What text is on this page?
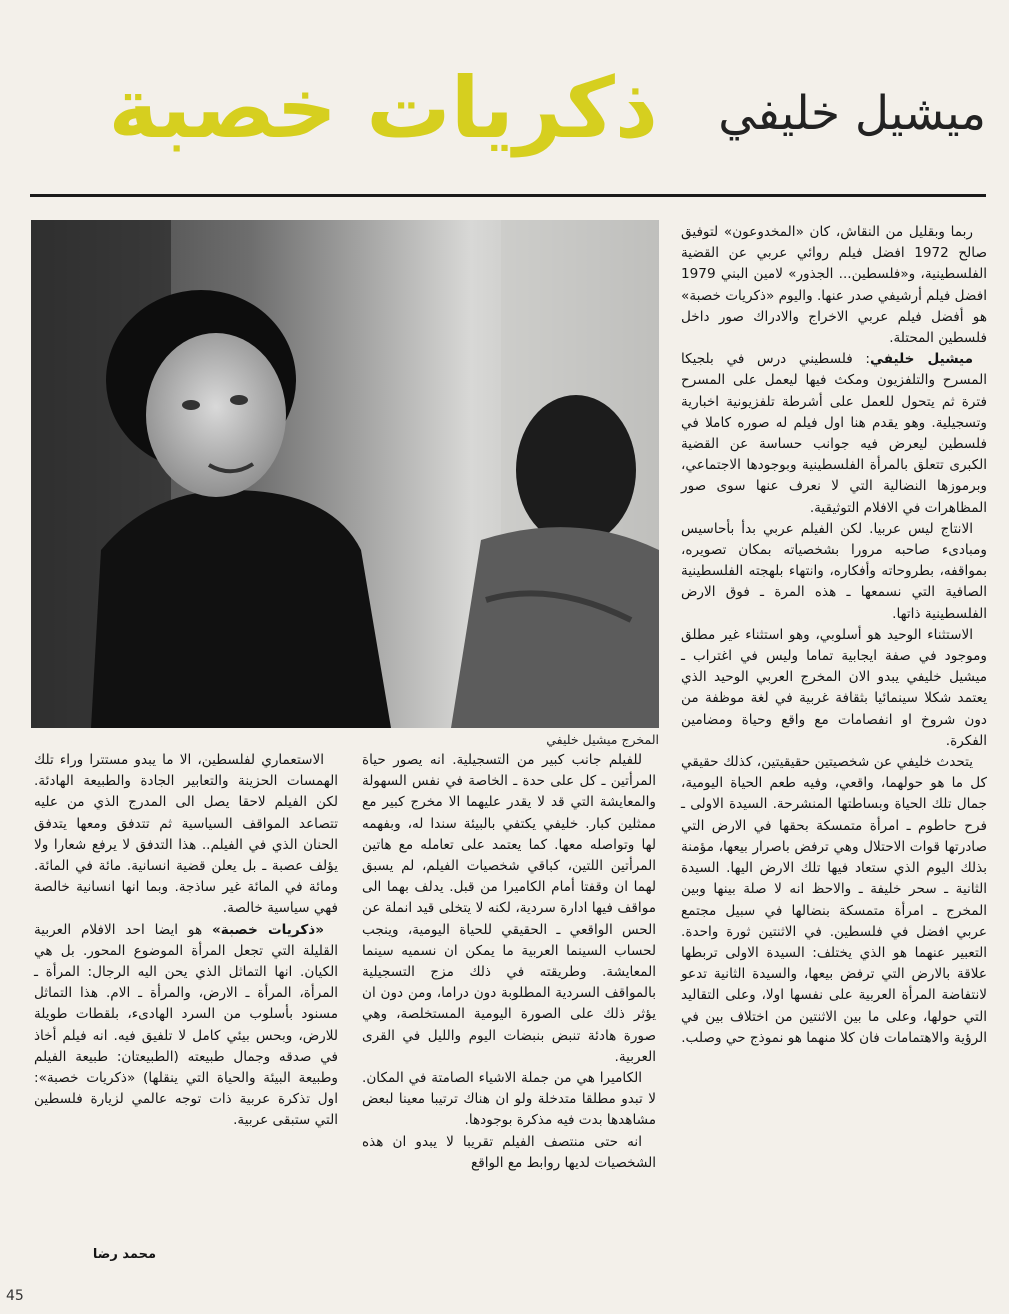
ذكريات خصبة	ميشيل خليفي

ربما وبقليل من النقاش، كان «المخدوعون» لتوفيق صالح 1972 افضل فيلم روائي عربي عن القضية الفلسطينية، و«فلسطين... الجذور» لامين البني 1979 افضل فيلم أرشيفي صدر عنها. واليوم «ذكريات خصبة» هو أفضل فيلم عربي الاخراج والادراك صور داخل فلسطين المحتلة.

ميشيل خليفي: فلسطيني درس في بلجيكا المسرح والتلفزيون ومكث فيها ليعمل على المسرح فترة ثم يتحول للعمل على أشرطة تلفزيونية اخبارية وتسجيلية. وهو يقدم هنا اول فيلم له صوره كاملا في فلسطين ليعرض فيه جوانب حساسة عن القضية الكبرى تتعلق بالمرأة الفلسطينية وبوجودها الاجتماعي، وبرموزها النضالية التي لا نعرف عنها سوى صور المظاهرات في الافلام التوثيقية.

الانتاج ليس عربيا. لكن الفيلم عربي بدأ بأحاسيس ومبادىء صاحبه مرورا بشخصياته بمكان تصويره، بمواقفه، بطروحاته وأفكاره، وانتهاء بلهجته الفلسطينية الصافية التي نسمعها ـ هذه المرة ـ فوق الارض الفلسطينية ذاتها.

الاستثناء الوحيد هو أسلوبي، وهو استثناء غير مطلق وموجود في صفة ايجابية تماما وليس في اغتراب ـ ميشيل خليفي يبدو الان المخرج العربي الوحيد الذي يعتمد شكلا سينمائيا بثقافة غربية في لغة موظفة من دون شروخ او انفصامات مع واقع وحياة ومضامين الفكرة.

يتحدث خليفي عن شخصيتين حقيقيتين، كذلك حقيقي كل ما هو حولهما، واقعي، وفيه طعم الحياة اليومية، جمال تلك الحياة وبساطتها المنشرحة. السيدة الاولى ـ فرح حاطوم ـ امرأة متمسكة بحقها في الارض التي صادرتها قوات الاحتلال وهي ترفض باصرار بيعها، مؤمنة بذلك اليوم الذي ستعاد فيها تلك الارض اليها. السيدة الثانية ـ سحر خليفة ـ والاحظ انه لا صلة بينها وبين المخرج ـ امرأة متمسكة بنضالها في سبيل مجتمع عربي افضل في فلسطين. في الاثنتين ثورة واحدة. التعبير عنهما هو الذي يختلف: السيدة الاولى تربطها علاقة بالارض التي ترفض بيعها، والسيدة الثانية تدعو لانتفاضة المرأة العربية على نفسها اولا، وعلى التقاليد التي حولها، وعلى ما بين الاثنتين من اختلاف بين في الرؤية والاهتمامات فان كلا منهما هو نموذج حي وصلب.

المخرج ميشيل خليفي

للفيلم جانب كبير من التسجيلية. انه يصور حياة المرأتين ـ كل على حدة ـ الخاصة في نفس السهولة والمعايشة التي قد لا يقدر عليهما الا مخرج كبير مع ممثلين كبار. خليفي يكتفي بالبيئة سندا له، وبفهمه لها وتواصله معها. كما يعتمد على تعامله مع هاتين المرأتين اللتين، كباقي شخصيات الفيلم، لم يسبق لهما ان وقفتا أمام الكاميرا من قبل. يدلف بهما الى مواقف فيها ادارة سردية، لكنه لا يتخلى قيد انملة عن الحس الواقعي ـ الحقيقي للحياة اليومية، وينجب لحساب السينما العربية ما يمكن ان نسميه سينما المعايشة. وطريقته في ذلك مزج التسجيلية بالمواقف السردية المطلوبة دون دراما، ومن دون ان يؤثر ذلك على الصورة اليومية المستخلصة، وهي صورة هادئة تنبض بنبضات اليوم والليل في القرى العربية.

الكاميرا هي من جملة الاشياء الصامتة في المكان. لا تبدو مطلقا متدخلة ولو ان هناك ترتيبا معينا لبعض مشاهدها بدت فيه مذكرة بوجودها.

انه حتى منتصف الفيلم تقريبا لا يبدو ان هذه الشخصيات لديها روابط مع الواقع

الاستعماري لفلسطين، الا ما يبدو مستترا وراء تلك الهمسات الحزينة والتعابير الجادة والطبيعة الهادئة. لكن الفيلم لاحقا يصل الى المدرج الذي من عليه تتصاعد المواقف السياسية ثم تتدفق ومعها يتدفق الحنان الذي في الفيلم.. هذا التدفق لا يرفع شعارا ولا يؤلف عصبة ـ بل يعلن قضية انسانية. مائة في المائة. ومائة في المائة غير ساذجة. وبما انها انسانية خالصة فهي سياسية خالصة.

«ذكريات خصبة» هو ايضا احد الافلام العربية القليلة التي تجعل المرأة الموضوع المحور. بل هي الكيان. انها التماثل الذي يحن اليه الرجال: المرأة ـ المرأة، المرأة ـ الارض، والمرأة ـ الام. هذا التماثل مسنود بأسلوب من السرد الهادىء، بلقطات طويلة للارض، وبحس بيئي كامل لا تلفيق فيه. انه فيلم أخاذ في صدقه وجمال طبيعته (الطبيعتان: طبيعة الفيلم وطبيعة البيئة والحياة التي ينقلها) «ذكريات خصبة»: اول تذكرة عربية ذات توجه عالمي لزيارة فلسطين التي ستبقى عربية.

محمد رضا
45
